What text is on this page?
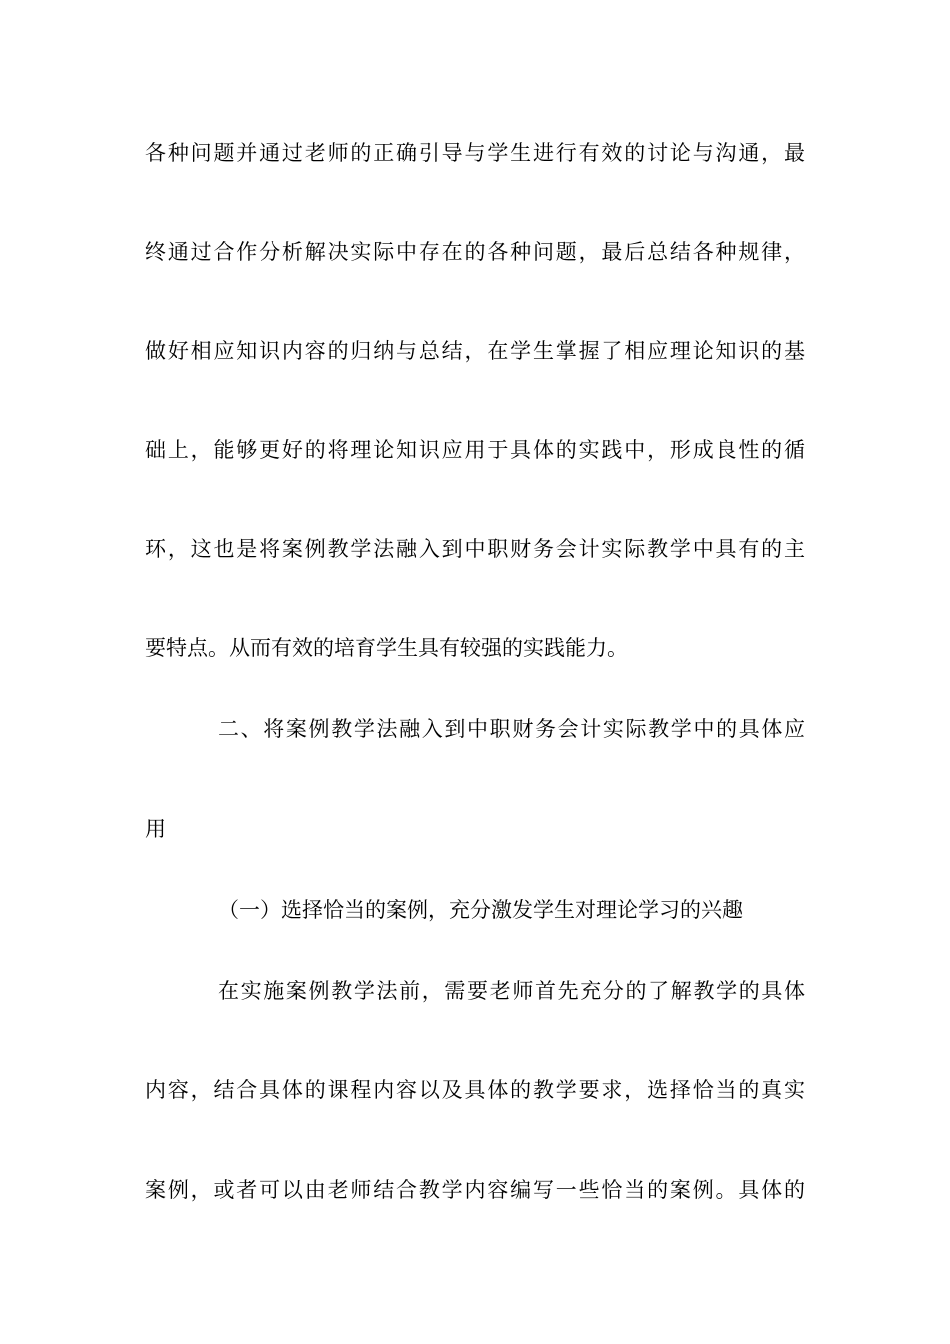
各种问题并通过老师的正确引导与学生进行有效的讨论与沟通，最
终通过合作分析解决实际中存在的各种问题，最后总结各种规律，
做好相应知识内容的归纳与总结，在学生掌握了相应理论知识的基
础上，能够更好的将理论知识应用于具体的实践中，形成良性的循
环，这也是将案例教学法融入到中职财务会计实际教学中具有的主
要特点。从而有效的培育学生具有较强的实践能力。
二、将案例教学法融入到中职财务会计实际教学中的具体应
用
（一）选择恰当的案例，充分激发学生对理论学习的兴趣
在实施案例教学法前，需要老师首先充分的了解教学的具体
内容，结合具体的课程内容以及具体的教学要求，选择恰当的真实
案例，或者可以由老师结合教学内容编写一些恰当的案例。具体的
